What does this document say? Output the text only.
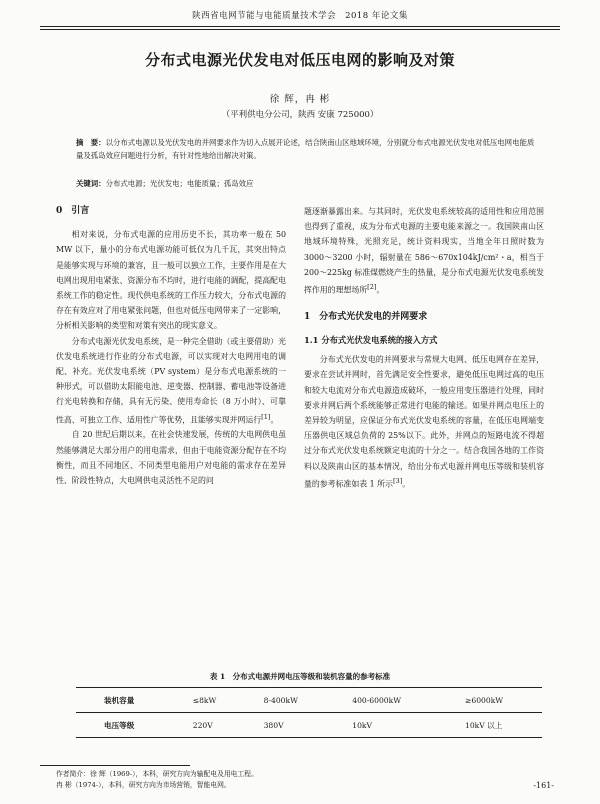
陕西省电网节能与电能质量技术学会　2018 年论文集
分布式电源光伏发电对低压电网的影响及对策
徐 辉，冉 彬
（平利供电分公司，陕西 安康 725000）
摘　要：以分布式电源以及光伏发电的并网要求作为切入点展开论述，结合陕南山区地域环境，分别就分布式电源光伏发电对低压电网电能质量及孤岛效应问题进行分析，有针对性地给出解决对策。
关键词：分布式电源；光伏发电；电能质量；孤岛效应
0　引言

相对来说，分布式电源的应用历史不长，其功率一般在 50 MW 以下，量小的分布式电源功能可低仅为几千瓦，其突出特点是能够实现与环境的兼容，且一般可以独立工作，主要作用是在大电网出现用电紧张、资源分布不均时，进行电能的调配，提高配电系统工作的稳定性。现代供电系统的工作压力较大，分布式电源的存在有效应对了用电紧张问题，但也对低压电网带来了一定影响，分析相关影响的类型和对策有突出的现实意义。

分布式电源光伏发电系统，是一种完全借助（或主要借助）光伏发电系统进行作业的分布式电源，可以实现对大电网用电的调配、补充。光伏发电系统（PV system）是分布式电源系统的一种形式，可以借助太阳能电池、逆变器、控制器、蓄电池等设备进行光电转换和存储，具有无污染、使用寿命长（8 万小时）、可靠性高、可独立工作、适用性广等优势，且能够实现并网运行[1]。

自 20 世纪后期以来，在社会快速发展，传统的大电网供电虽然能够满足大部分用户的用电需求，但由于电能资源分配存在不均衡性，而且不同地区、不同类型电能用户对电能的需求存在差异性、阶段性特点，大电网供电灵活性不足的问

题逐渐暴露出来。与其同时，光伏发电系统较高的适用性和应用范围也得到了重视，成为分布式电源的主要电能来源之一。我国陕南山区地域环境特殊，光照充足，统计资料现实，当地全年日照时数为 3000～3200 小时，辐射量在 586～670x104kJ/cm²・a，相当于 200～225kg 标准煤燃烧产生的热量，是分布式电源光伏发电系统发挥作用的理想场所[2]。

1　分布式光伏发电的并网要求
1.1 分布式光伏发电系统的接入方式

分布式光伏发电的并网要求与常规大电网、低压电网存在差异，要求在尝试并网时，首先满足安全性要求，避免低压电网过高的电压和较大电流对分布式电源造成破坏，一般应用变压器进行处理，同时要求并网后两个系统能够正常进行电能的输送。如果并网点电压上的差异较为明显，应保证分布式光伏发电系统的容量，在低压电网端变压器供电区域总负荷的 25%以下。此外，并网点的短路电流不得超过分布式光伏发电系统额定电流的十分之一。结合我国各地的工作资料以及陕南山区的基本情况，给出分布式电源并网电压等级和装机容量的参考标准如表 1 所示[3]。

表 1　分布式电源并网电压等级和装机容量的参考标准
装机容量	≤8kW	8-400kW	400-6000kW	≥6000kW
电压等级	220V	380V	10kV	10kV 以上
作者简介：徐 辉（1969-），本科，研究方向为输配电及用电工程。
冉 彬（1974-），本科，研究方向为市场营销，智能电网。	-161-
